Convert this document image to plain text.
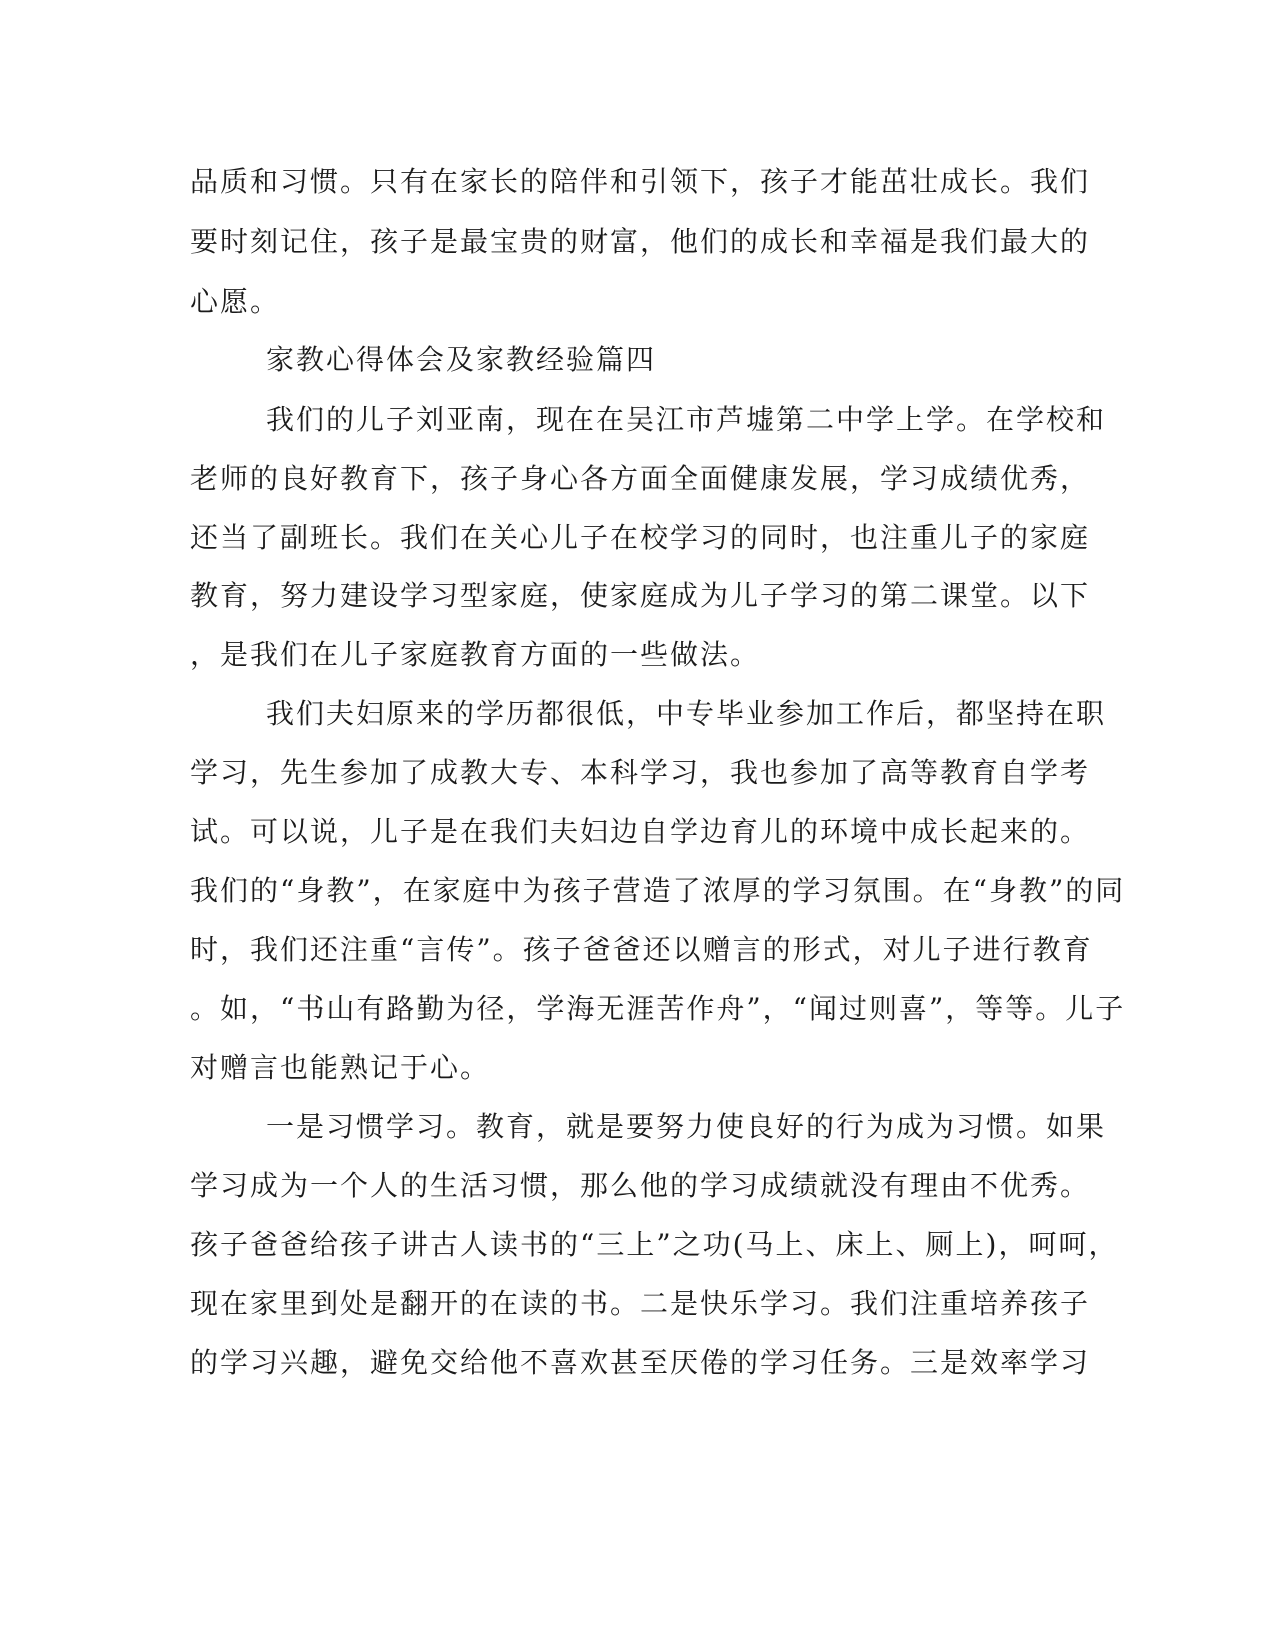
品质和习惯。只有在家长的陪伴和引领下，孩子才能茁壮成长。我们
要时刻记住，孩子是最宝贵的财富，他们的成长和幸福是我们最大的
心愿。
家教心得体会及家教经验篇四
我们的儿子刘亚南，现在在吴江市芦墟第二中学上学。在学校和
老师的良好教育下，孩子身心各方面全面健康发展，学习成绩优秀，
还当了副班长。我们在关心儿子在校学习的同时，也注重儿子的家庭
教育，努力建设学习型家庭，使家庭成为儿子学习的第二课堂。以下
，是我们在儿子家庭教育方面的一些做法。
我们夫妇原来的学历都很低，中专毕业参加工作后，都坚持在职
学习，先生参加了成教大专、本科学习，我也参加了高等教育自学考
试。可以说，儿子是在我们夫妇边自学边育儿的环境中成长起来的。
我们的“身教”，在家庭中为孩子营造了浓厚的学习氛围。在“身教”的同
时，我们还注重“言传”。孩子爸爸还以赠言的形式，对儿子进行教育
。如，“书山有路勤为径，学海无涯苦作舟”，“闻过则喜”，等等。儿子
对赠言也能熟记于心。
一是习惯学习。教育，就是要努力使良好的行为成为习惯。如果
学习成为一个人的生活习惯，那么他的学习成绩就没有理由不优秀。
孩子爸爸给孩子讲古人读书的“三上”之功(马上、床上、厕上)，呵呵，
现在家里到处是翻开的在读的书。二是快乐学习。我们注重培养孩子
的学习兴趣，避免交给他不喜欢甚至厌倦的学习任务。三是效率学习
